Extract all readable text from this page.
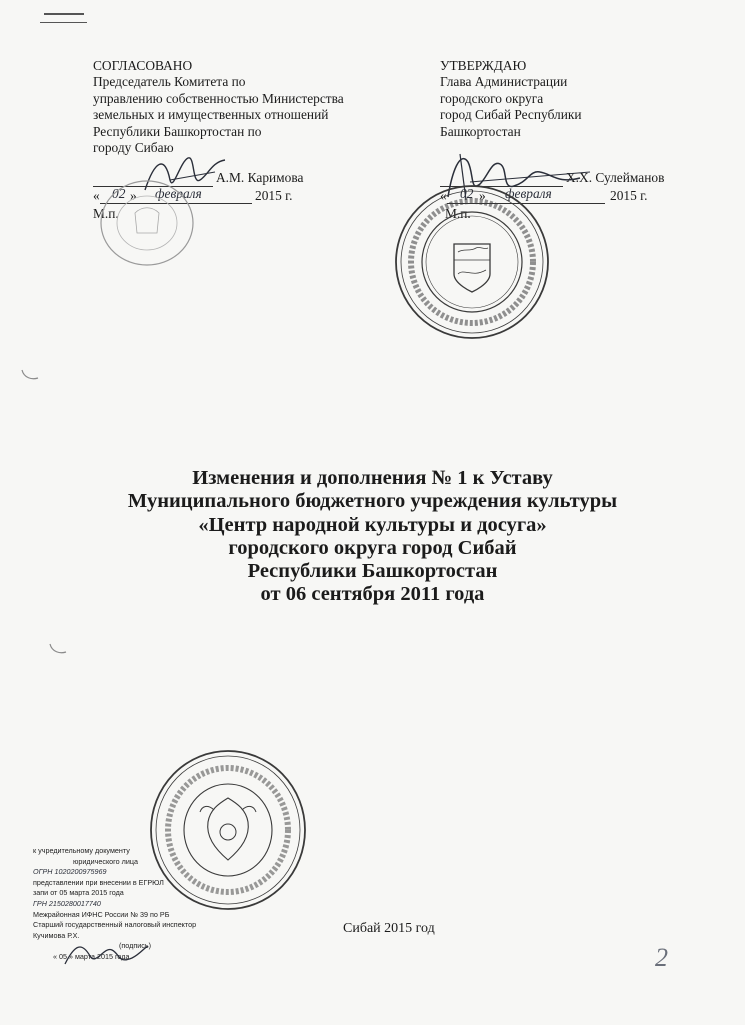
СОГЛАСОВАНО
Председатель Комитета по
управлению собственностью Министерства
земельных и имущественных отношений
Республики Башкортостан по
городу Сибаю
А.М. Каримова
« 02 » февраля	2015 г.
М.п.
УТВЕРЖДАЮ
Глава Администрации
городского округа
город Сибай Республики
Башкортостан
Х.Х. Сулейманов
« 02 » февраля	2015 г.
М.п.
Изменения и дополнения № 1 к Уставу
Муниципального бюджетного учреждения культуры
«Центр народной культуры и досуга»
городского округа город Сибай
Республики Башкортостан
от 06 сентября 2011 года
к учредительному документу
юридического лица
ОГРН 1020200975969
представлении при внесении в ЕГРЮЛ
запи от 05 марта 2015 года
ГРН 2150280017740
Межрайонная ИФНС России № 39 по РБ
Старший государственный налоговый инспектор
Кучимова Р.Х.
(подпись)
« 05 » марта 2015 года
Сибай 2015 год
2
